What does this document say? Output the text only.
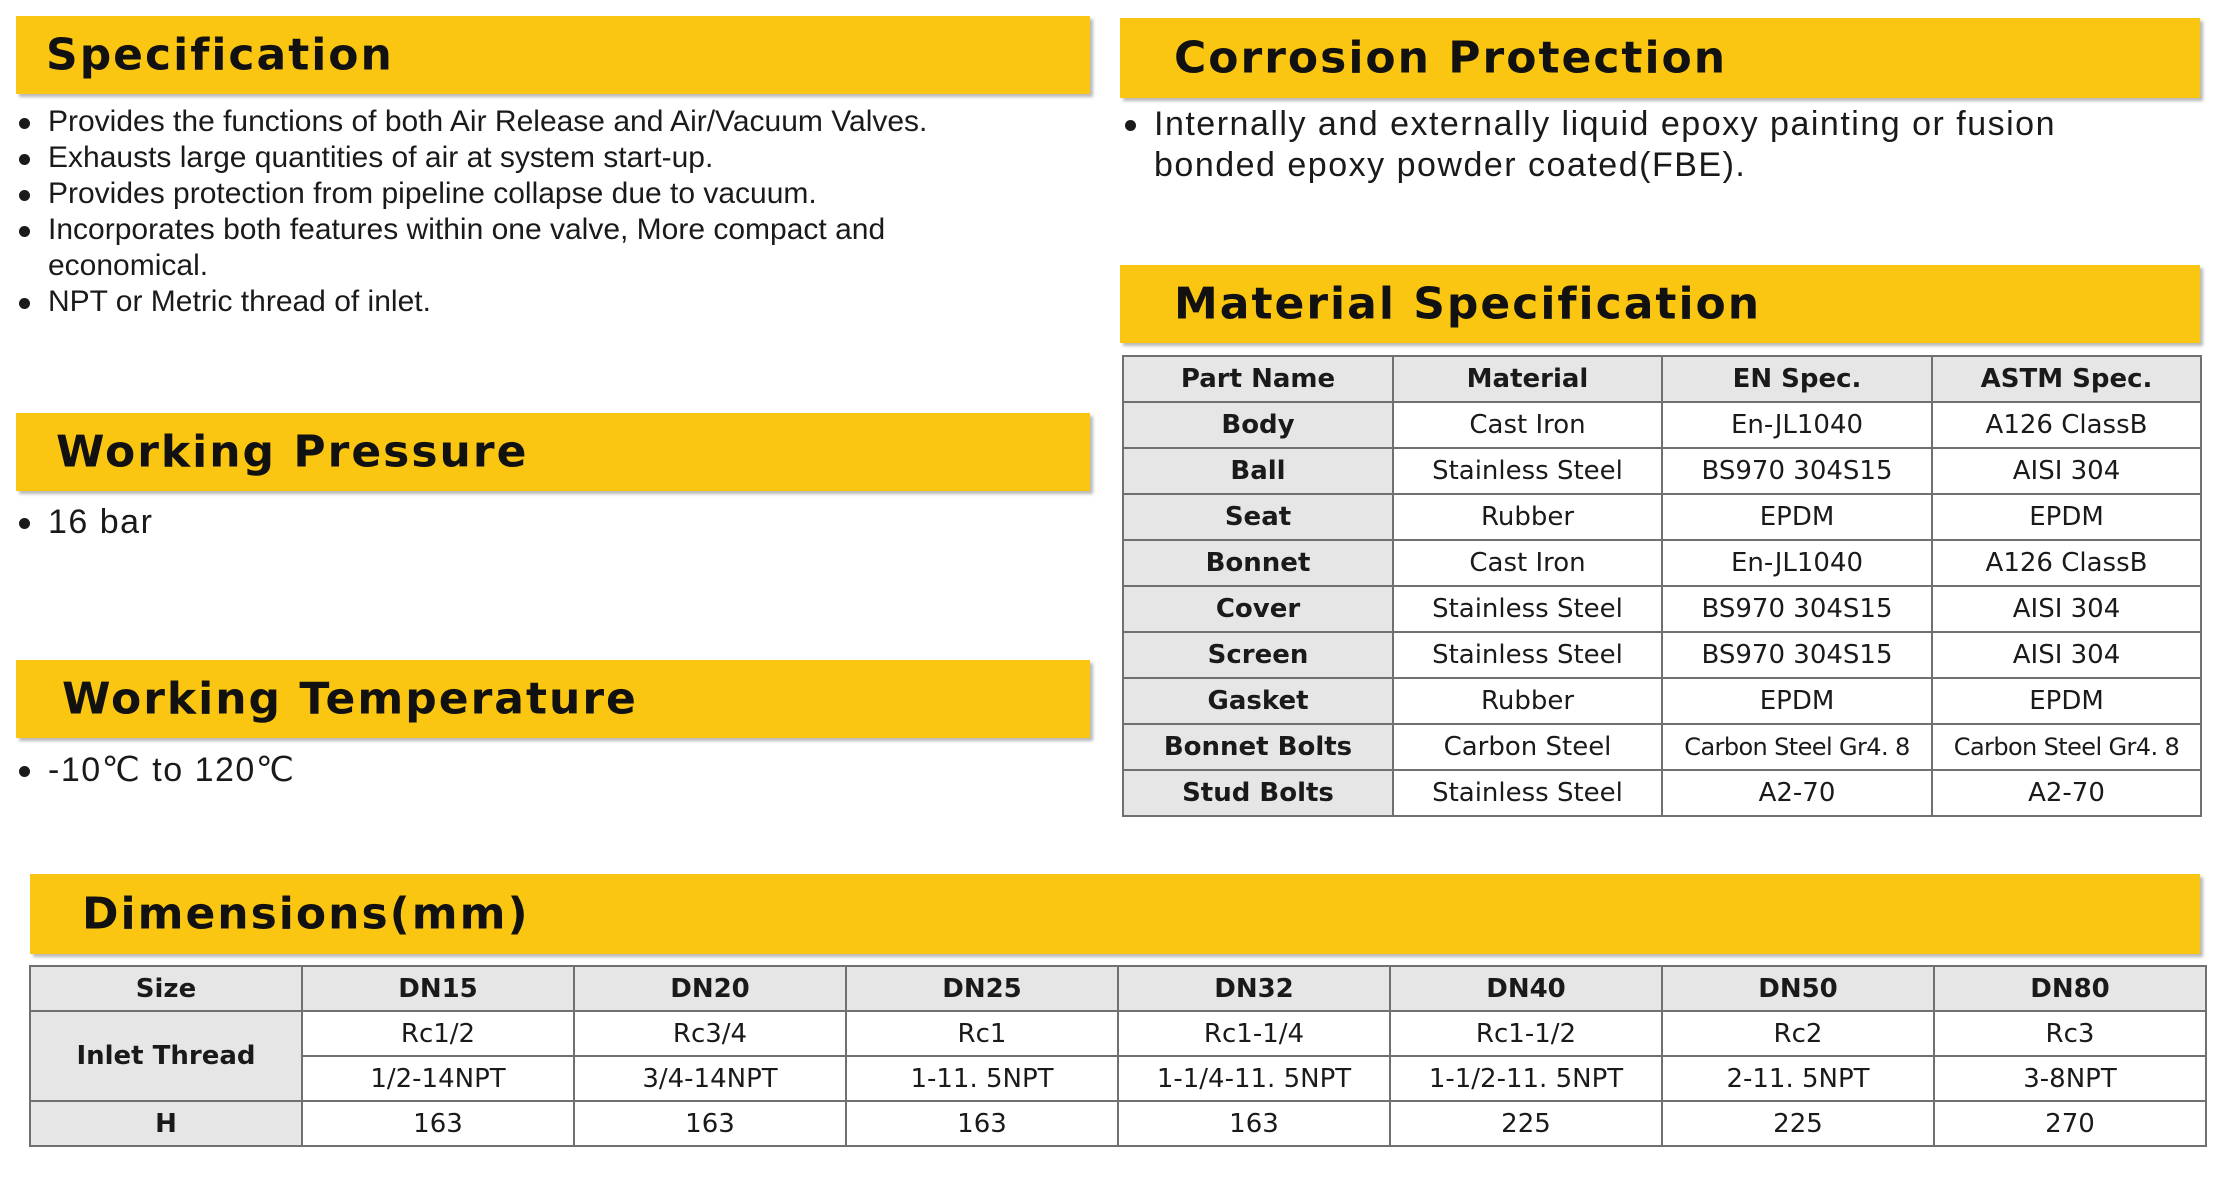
Specification
Provides the functions of both Air Release and Air/Vacuum Valves.
Exhausts large quantities of air at system start-up.
Provides protection from pipeline collapse due to vacuum.
Incorporates both features within one valve, More compact and economical.
NPT or Metric thread of inlet.
Working Pressure
16 bar
Working Temperature
-10℃ to 120℃
Corrosion Protection
Internally and externally liquid epoxy painting or fusion bonded epoxy powder coated(FBE).
Material Specification
Part Name	Material	EN Spec.	ASTM Spec.
Body	Cast Iron	En-JL1040	A126 ClassB
Ball	Stainless Steel	BS970 304S15	AISI 304
Seat	Rubber	EPDM	EPDM
Bonnet	Cast Iron	En-JL1040	A126 ClassB
Cover	Stainless Steel	BS970 304S15	AISI 304
Screen	Stainless Steel	BS970 304S15	AISI 304
Gasket	Rubber	EPDM	EPDM
Bonnet Bolts	Carbon Steel	Carbon Steel Gr4. 8	Carbon Steel Gr4. 8
Stud Bolts	Stainless Steel	A2-70	A2-70
Dimensions(mm)
Size	DN15	DN20	DN25	DN32	DN40	DN50	DN80
Inlet Thread	Rc1/2	Rc3/4	Rc1	Rc1-1/4	Rc1-1/2	Rc2	Rc3
	1/2-14NPT	3/4-14NPT	1-11. 5NPT	1-1/4-11. 5NPT	1-1/2-11. 5NPT	2-11. 5NPT	3-8NPT
H	163	163	163	163	225	225	270
